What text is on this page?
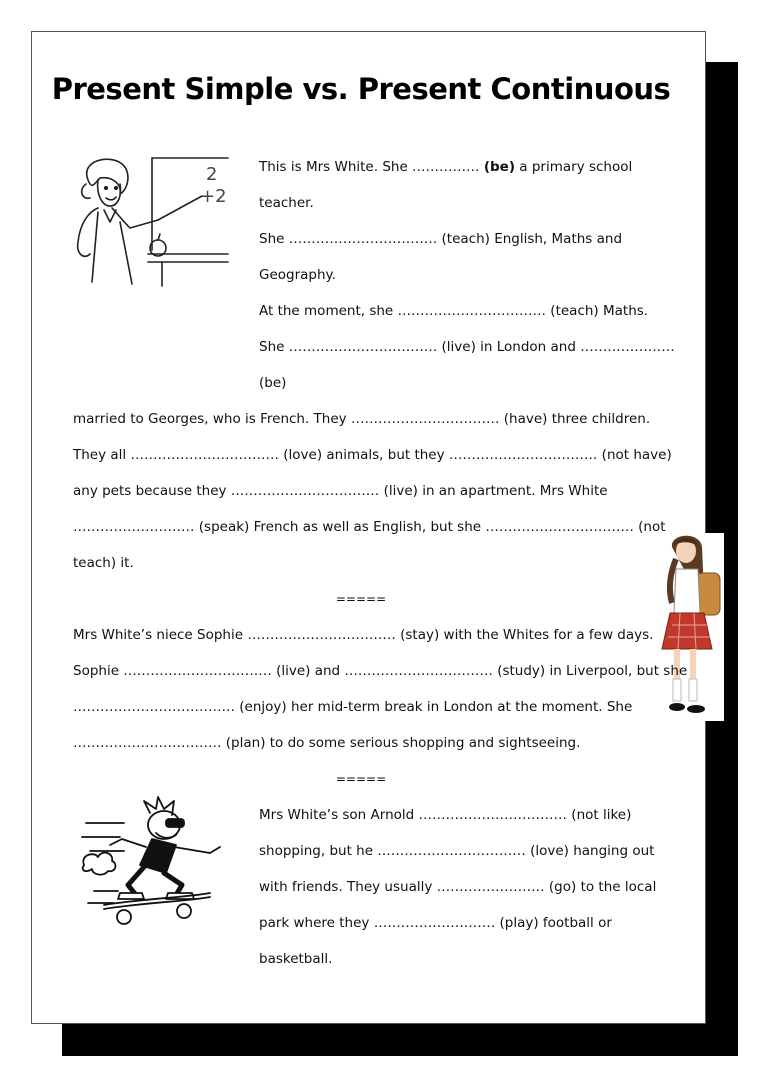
Present Simple vs. Present Continuous
2
+2
This is Mrs White. She …………… (be) a primary school
teacher.
She …………………………… (teach) English, Maths and
Geography.
At the moment, she …………………………… (teach) Maths.
She …………………………… (live) in London and …………………
(be)
married to Georges, who is French. They …………………………… (have) three children.
They all …………………………… (love) animals, but they …………………………… (not have)
any pets because they …………………………… (live) in an apartment. Mrs White
……………………… (speak) French as well as English, but she …………………………… (not
teach) it.
=====
Mrs White’s niece Sophie …………………………… (stay) with the Whites for a few days.
Sophie …………………………… (live) and …………………………… (study) in Liverpool, but she
……………………………… (enjoy) her mid-term break in London at the moment. She
…………………………… (plan) to do some serious shopping and sightseeing.
=====
Mrs White’s son Arnold …………………………… (not like)
shopping, but he …………………………… (love) hanging out
with friends. They usually …………………… (go) to the local
park where they ……………………… (play) football or
basketball.
